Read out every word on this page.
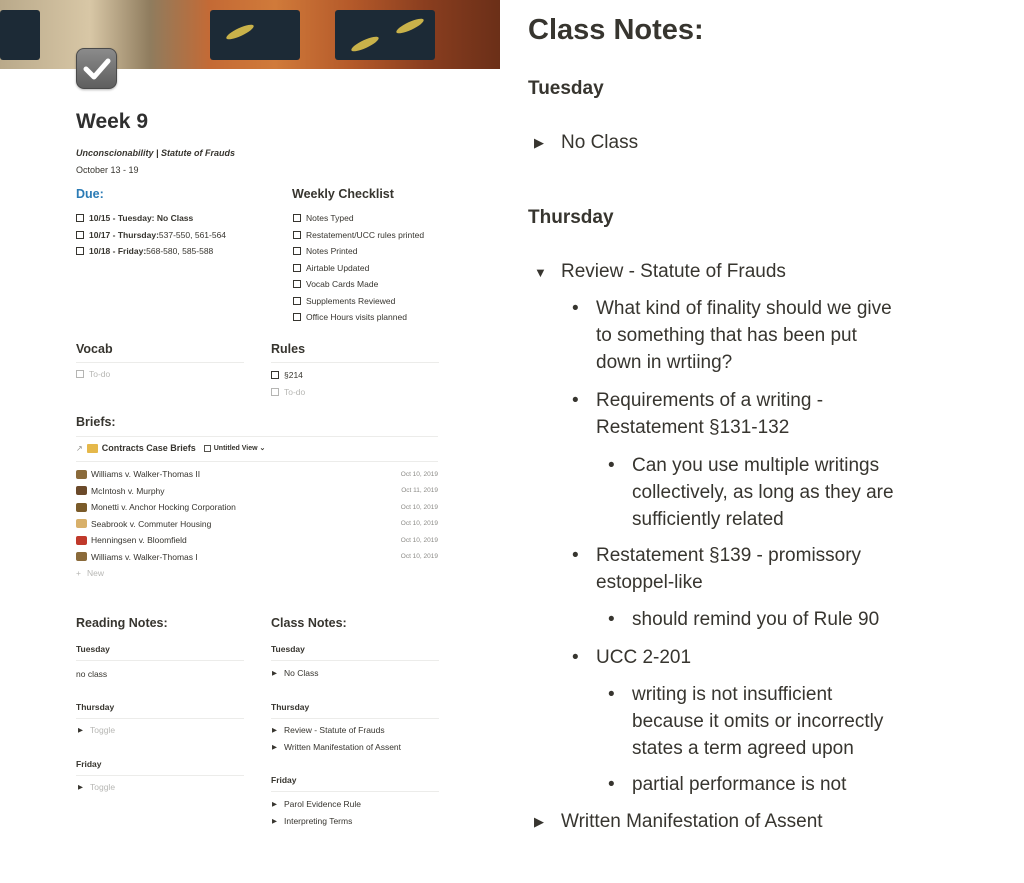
Week 9
Unconscionability | Statute of Frauds
October 13 - 19
Due:
10/15 - Tuesday: No Class
10/17 - Thursday: 537-550, 561-564
10/18 - Friday: 568-580, 585-588
Weekly Checklist
Notes Typed
Restatement/UCC rules printed
Notes Printed
Airtable Updated
Vocab Cards Made
Supplements Reviewed
Office Hours visits planned
Vocab
To-do
Rules
§214
To-do
Briefs:
↗ Contracts Case Briefs	Untitled View
⌄
Williams v. Walker-Thomas II	Oct 10, 2019
McIntosh v. Murphy	Oct 11, 2019
Monetti v. Anchor Hocking Corporation	Oct 10, 2019
Seabrook v. Commuter Housing	Oct 10, 2019
Henningsen v. Bloomfield	Oct 10, 2019
Williams v. Walker-Thomas I	Oct 10, 2019
+ New
Reading Notes:
Tuesday
no class
Thursday
▶ Toggle
Friday
▶ Toggle
Class Notes:
Tuesday
▶ No Class
Thursday
▶ Review - Statute of Frauds
▶ Written Manifestation of Assent
Friday
▶ Parol Evidence Rule
▶ Interpreting Terms
Class Notes:
Tuesday
▶ No Class
Thursday
▼ Review - Statute of Frauds
• What kind of finality should we give
to something that has been put
down in wrtiing?
• Requirements of a writing -
Restatement §131-132
• Can you use multiple writings
collectively, as long as they are
sufficiently related
• Restatement §139 - promissory
estoppel-like
• should remind you of Rule 90
• UCC 2-201
• writing is not insufficient
because it omits or incorrectly
states a term agreed upon
• partial performance is not
▶ Written Manifestation of Assent
